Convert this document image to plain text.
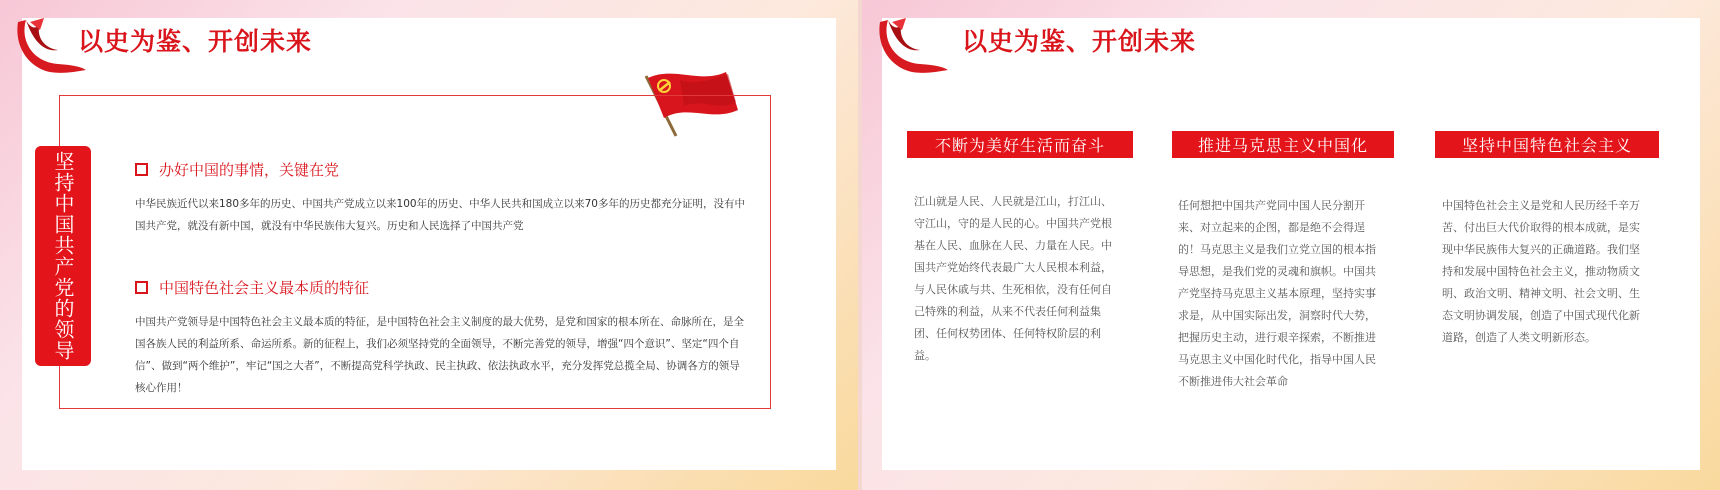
以史为鉴、开创未来
坚持中国共产党的领导	办好中国的事情，关键在党
中华民族近代以来180多年的历史、中国共产党成立以来100年的历史、中华人民共和国成立以来70多年的历史都充分证明，没有中国共产党，就没有新中国，就没有中华民族伟大复兴。历史和人民选择了中国共产党
中国特色社会主义最本质的特征
中国共产党领导是中国特色社会主义最本质的特征，是中国特色社会主义制度的最大优势，是党和国家的根本所在、命脉所在，是全国各族人民的利益所系、命运所系。新的征程上，我们必须坚持党的全面领导，不断完善党的领导，增强“四个意识”、坚定“四个自信”、做到“两个维护”，牢记“国之大者”，不断提高党科学执政、民主执政、依法执政水平，充分发挥党总揽全局、协调各方的领导核心作用！
以史为鉴、开创未来
不断为美好生活而奋斗
江山就是人民、人民就是江山，打江山、守江山，守的是人民的心。中国共产党根基在人民、血脉在人民、力量在人民。中国共产党始终代表最广大人民根本利益，与人民休戚与共、生死相依，没有任何自己特殊的利益，从来不代表任何利益集团、任何权势团体、任何特权阶层的利益。
推进马克思主义中国化
任何想把中国共产党同中国人民分割开来、对立起来的企图，都是绝不会得逞的！马克思主义是我们立党立国的根本指导思想，是我们党的灵魂和旗帜。中国共产党坚持马克思主义基本原理，坚持实事求是，从中国实际出发，洞察时代大势，把握历史主动，进行艰辛探索，不断推进马克思主义中国化时代化，指导中国人民不断推进伟大社会革命
坚持中国特色社会主义
中国特色社会主义是党和人民历经千辛万苦、付出巨大代价取得的根本成就，是实现中华民族伟大复兴的正确道路。我们坚持和发展中国特色社会主义，推动物质文明、政治文明、精神文明、社会文明、生态文明协调发展，创造了中国式现代化新道路，创造了人类文明新形态。
